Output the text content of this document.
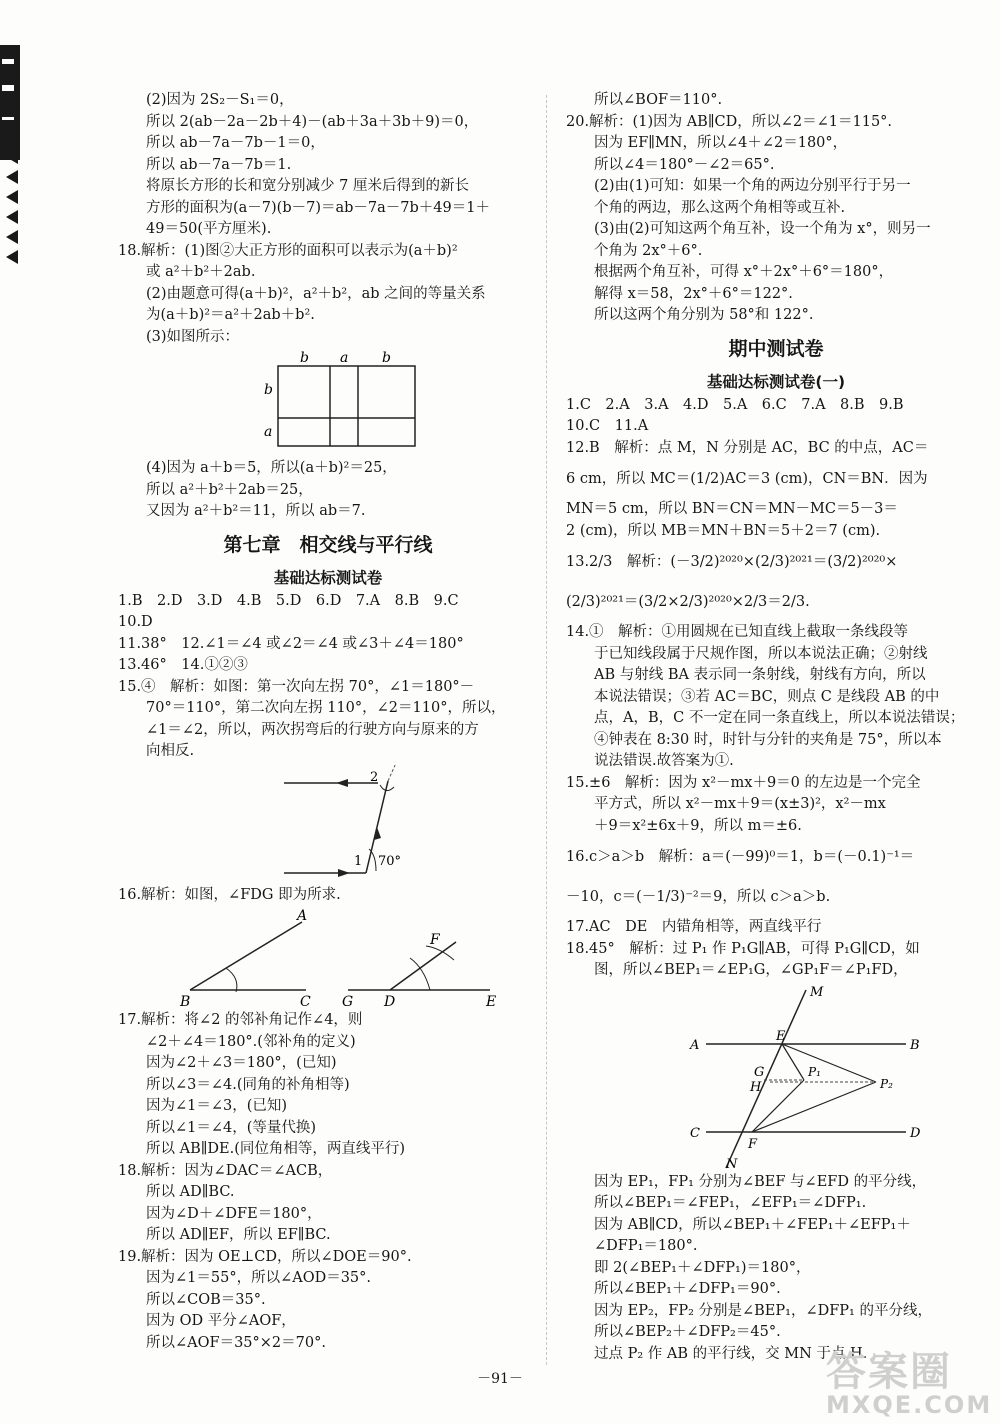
(2)因为 2S₂－S₁＝0，
所以 2(ab－2a－2b＋4)－(ab＋3a＋3b＋9)＝0，
所以 ab－7a－7b－1＝0，
所以 ab－7a－7b＝1.
将原长方形的长和宽分别减少 7 厘米后得到的新长
方形的面积为(a－7)(b－7)＝ab－7a－7b＋49＝1＋
49＝50(平方厘米).
18.解析：(1)图②大正方形的面积可以表示为(a＋b)²
或 a²＋b²＋2ab.
(2)由题意可得(a＋b)²，a²＋b²，ab 之间的等量关系
为(a＋b)²＝a²＋2ab＋b².
(3)如图所示：
b a b
b
a
(4)因为 a＋b＝5，所以(a＋b)²＝25，
所以 a²＋b²＋2ab＝25，
又因为 a²＋b²＝11，所以 ab＝7.
第七章　相交线与平行线
基础达标测试卷
1.B　2.D　3.D　4.B　5.D　6.D　7.A　8.B　9.C
10.D
11.38°　12.∠1＝∠4 或∠2＝∠4 或∠3＋∠4＝180°
13.46°　14.①②③
15.④　解析：如图：第一次向左拐 70°，∠1＝180°－
70°＝110°，第二次向左拐 110°，∠2＝110°，所以，
∠1＝∠2，所以，两次拐弯后的行驶方向与原来的方
向相反.
1
2
70°
16.解析：如图，∠FDG 即为所求.
A
B	C G D	E
F
17.解析：将∠2 的邻补角记作∠4，则
∠2＋∠4＝180°.(邻补角的定义)
因为∠2＋∠3＝180°，(已知)
所以∠3＝∠4.(同角的补角相等)
因为∠1＝∠3，(已知)
所以∠1＝∠4，(等量代换)
所以 AB∥DE.(同位角相等，两直线平行)
18.解析：因为∠DAC＝∠ACB，
所以 AD∥BC.
因为∠D＋∠DFE＝180°，
所以 AD∥EF，所以 EF∥BC.
19.解析：因为 OE⊥CD，所以∠DOE＝90°.
因为∠1＝55°，所以∠AOD＝35°.
所以∠COB＝35°.
因为 OD 平分∠AOF，
所以∠AOF＝35°×2＝70°.
所以∠BOF＝110°.
20.解析：(1)因为 AB∥CD，所以∠2＝∠1＝115°.
因为 EF∥MN，所以∠4＋∠2＝180°，
所以∠4＝180°－∠2＝65°.
(2)由(1)可知：如果一个角的两边分别平行于另一
个角的两边，那么这两个角相等或互补.
(3)由(2)可知这两个角互补，设一个角为 x°，则另一
个角为 2x°＋6°.
根据两个角互补，可得 x°＋2x°＋6°＝180°，
解得 x＝58，2x°＋6°＝122°.
所以这两个角分别为 58°和 122°.
期中测试卷
基础达标测试卷(一)
1.C　2.A　3.A　4.D　5.A　6.C　7.A　8.B　9.B
10.C　11.A
12.B　解析：点 M，N 分别是 AC，BC 的中点，AC＝
6 cm，所以 MC＝(1/2)AC＝3 (cm)，CN＝BN．因为
MN＝5 cm，所以 BN＝CN＝MN－MC＝5－3＝
2 (cm)，所以 MB＝MN＋BN＝5＋2＝7 (cm).
13.2/3　解析：(－3/2)²⁰²⁰×(2/3)²⁰²¹＝(3/2)²⁰²⁰×
(2/3)²⁰²¹＝(3/2×2/3)²⁰²⁰×2/3＝2/3.
14.①　解析：①用圆规在已知直线上截取一条线段等
于已知线段属于尺规作图，所以本说法正确；②射线
AB 与射线 BA 表示同一条射线，射线有方向，所以
本说法错误；③若 AC＝BC，则点 C 是线段 AB 的中
点，A，B，C 不一定在同一条直线上，所以本说法错误；
④钟表在 8:30 时，时针与分针的夹角是 75°，所以本
说法错误.故答案为①.
15.±6　解析：因为 x²－mx＋9＝0 的左边是一个完全
平方式，所以 x²－mx＋9＝(x±3)²，x²－mx
＋9＝x²±6x＋9，所以 m＝±6.
16.c＞a＞b　解析：a＝(－99)⁰＝1，b＝(－0.1)⁻¹＝
－10，c＝(－1/3)⁻²＝9，所以 c＞a＞b.
17.AC　DE　内错角相等，两直线平行
18.45°　解析：过 P₁ 作 P₁G∥AB，可得 P₁G∥CD，如
图，所以∠BEP₁＝∠EP₁G，∠GP₁F＝∠P₁FD，
M
A
E
B
G
H
P₁
P₂
C
F
D
N
因为 EP₁，FP₁ 分别为∠BEF 与∠EFD 的平分线，
所以∠BEP₁＝∠FEP₁，∠EFP₁＝∠DFP₁.
因为 AB∥CD，所以∠BEP₁＋∠FEP₁＋∠EFP₁＋
∠DFP₁＝180°.
即 2(∠BEP₁＋∠DFP₁)＝180°，
所以∠BEP₁＋∠DFP₁＝90°.
因为 EP₂，FP₂ 分别是∠BEP₁，∠DFP₁ 的平分线，
所以∠BEP₂＋∠DFP₂＝45°.
过点 P₂ 作 AB 的平行线，交 MN 于点 H.
－91－	答案圈
MXQE.COM
